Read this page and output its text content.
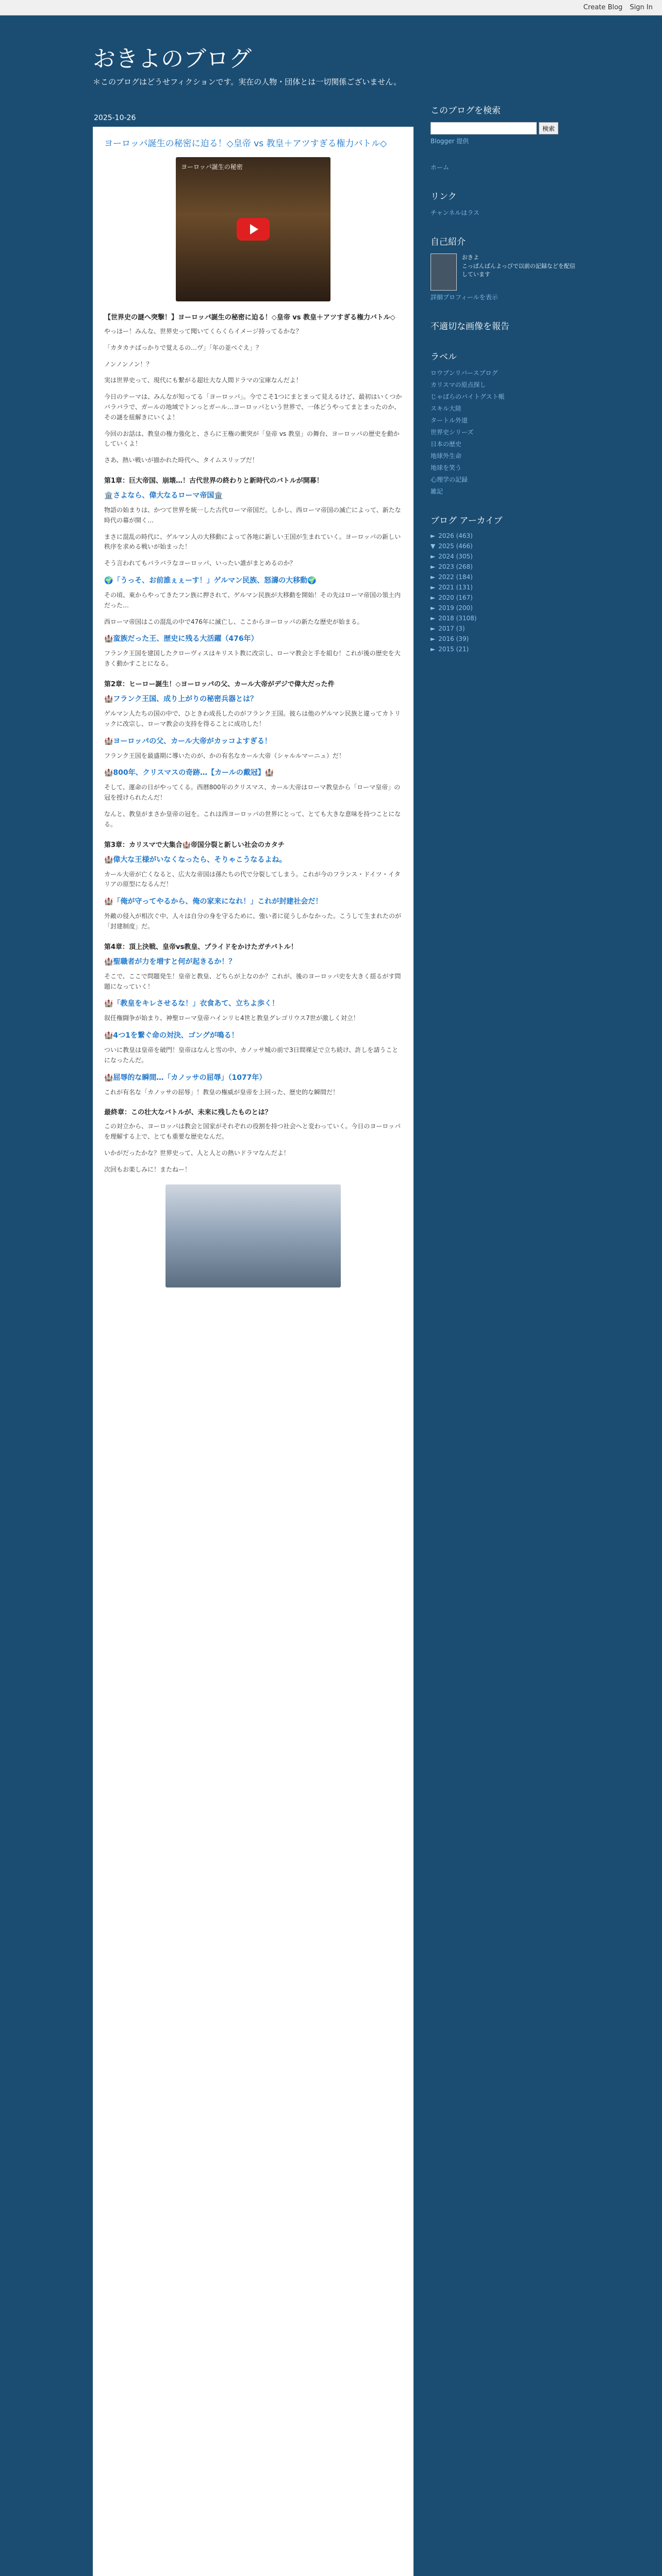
Create Blog Sign In
おきよのブログ

＊このブログはどうせフィクションです。実在の人物・団体とは一切関係ございません。

2025-10-26
ヨーロッパ誕生の秘密に迫る！◇皇帝 vs 教皇＋アツすぎる権力バトル◇
ヨーロッパ誕生の秘密
【世界史の謎へ突撃！】ヨーロッパ誕生の秘密に迫る！◇皇帝 vs 教皇＋アツすぎる権力バトル◇

やっほー！みんな、世界史って聞いてくらくらイメージ持ってるかな？

「カタカナばっかりで覚えるの…ヴ」「年の並べぐえ」？

ノンノンノン！？

実は世界史って、現代にも繋がる超壮大な人間ドラマの宝庫なんだよ！

今日のテーマは、みんなが知ってる「ヨーロッパ」。今でこそ1つにまとまって見えるけど、最初はいくつかバラバラで、ガールの地域でトンっとガール…ヨーロッパという世界で、一体どうやってまとまったのか、その謎を紐解きにいくよ！

今回のお話は、教皇の権力強化と、さらに王権の衝突が「皇帝 vs 教皇」の舞台、ヨーロッパの歴史を動かしていくよ！

さあ、熱い戦いが描かれた時代へ、タイムスリップだ！

第1章：巨大帝国、崩壊…！古代世界の終わりと新時代のバトルが開幕！
🏛️さよなら、偉大なるローマ帝国🏛️

物語の始まりは、かつて世界を統一した古代ローマ帝国だ。しかし、西ローマ帝国の滅亡によって、新たな時代の幕が開く…

まさに混乱の時代に、ゲルマン人の大移動によって各地に新しい王国が生まれていく。ヨーロッパの新しい秩序を求める戦いが始まった！

そう言われてもバラバラなヨーロッパ、いったい誰がまとめるのか？

🌍「うっそ、お前誰ぇぇーす！」ゲルマン民族、怒濤の大移動🌍

その頃、東からやってきたフン族に押されて、ゲルマン民族が大移動を開始！その先はローマ帝国の領土内だった…

西ローマ帝国はこの混乱の中で476年に滅亡し、ここからヨーロッパの新たな歴史が始まる。

🏰蛮族だった王、歴史に残る大活躍（476年）

フランク王国を建国したクローヴィスはキリスト教に改宗し、ローマ教会と手を組む！これが後の歴史を大きく動かすことになる。

第2章：ヒーロー誕生！◇ヨーロッパの父、カール大帝がデジで偉大だった件
🏰フランク王国、成り上がりの秘密兵器とは？

ゲルマン人たちの国の中で、ひときわ成長したのがフランク王国。彼らは他のゲルマン民族と違ってカトリックに改宗し、ローマ教会の支持を得ることに成功した！

🏰ヨーロッパの父、カール大帝がカッコよすぎる！

フランク王国を最盛期に導いたのが、かの有名なカール大帝（シャルルマーニュ）だ！

🏰800年、クリスマスの奇跡…【カールの戴冠】🏰

そして、運命の日がやってくる。西暦800年のクリスマス、カール大帝はローマ教皇から「ローマ皇帝」の冠を授けられたんだ！

なんと、教皇がまさか皇帝の冠を。これは西ヨーロッパの世界にとって、とても大きな意味を持つことになる。

第3章：カリスマで大集合🏰帝国分裂と新しい社会のカタチ
🏰偉大な王様がいなくなったら、そりゃこうなるよね。

カール大帝が亡くなると、広大な帝国は孫たちの代で分裂してしまう。これが今のフランス・ドイツ・イタリアの原型になるんだ！

🏰「俺が守ってやるから、俺の家来になれ！」これが封建社会だ！

外敵の侵入が相次ぐ中、人々は自分の身を守るために、強い者に従うしかなかった。こうして生まれたのが「封建制度」だ。

第4章：頂上決戦、皇帝vs教皇、プライドをかけたガチバトル！
🏰聖職者が力を増すと何が起きるか！？

そこで、ここで問題発生！皇帝と教皇、どちらが上なのか？これが、後のヨーロッパ史を大きく揺るがす問題になっていく！

🏰「教皇をキレさせるな！」衣食あて、立ちよ歩く！

叙任権闘争が始まり、神聖ローマ皇帝ハインリヒ4世と教皇グレゴリウス7世が激しく対立！

🏰4つ1を繋ぐ命の対決、ゴングが鳴る！

ついに教皇は皇帝を破門！皇帝はなんと雪の中、カノッサ城の前で3日間裸足で立ち続け、許しを請うことになったんだ。

🏰屈辱的な瞬間…「カノッサの屈辱」（1077年）

これが有名な「カノッサの屈辱」！教皇の権威が皇帝を上回った、歴史的な瞬間だ！

最終章：この壮大なバトルが、未来に残したものとは？

この対立から、ヨーロッパは教会と国家がそれぞれの役割を持つ社会へと変わっていく。今日のヨーロッパを理解する上で、とても重要な歴史なんだ。

いかがだったかな？世界史って、人と人との熱いドラマなんだよ！

次回もお楽しみに！またねー！

このブログを検索
検索
Blogger 提供
ホーム
リンク
チャンネルはラス
自己紹介
おきよ
こっぱんばんよっびで以前の記録などを配信しています
詳細プロフィールを表示
不適切な画像を報告
ラベル
ロウブンリバースブログ
カリスマの原点探し
じゃばらのバイトグスト帳
スキル大陸
タートル外道
世界史シリーズ
日本の歴史
地球外生命
地球を笑う
心理学の記録
雑記
ブログ アーカイブ
► 2026 (463)
▼ 2025 (466)
► 2024 (305)
► 2023 (268)
► 2022 (184)
► 2021 (131)
► 2020 (167)
► 2019 (200)
► 2018 (3108)
► 2017 (3)
► 2016 (39)
► 2015 (21)
